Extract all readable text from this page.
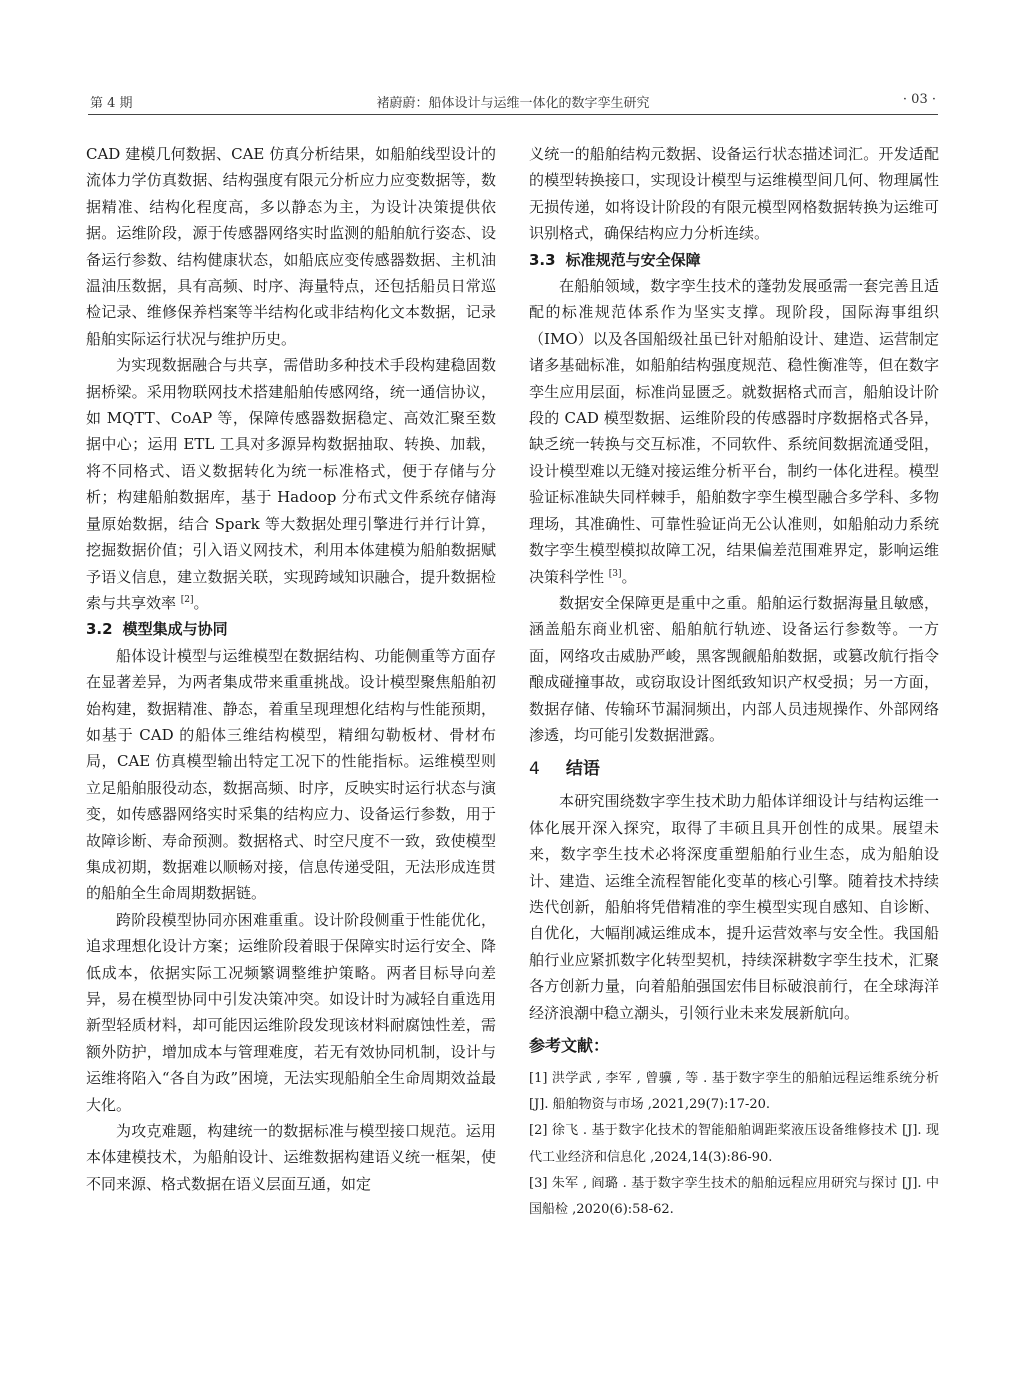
第 4 期	褚蔚蔚：船体设计与运维一体化的数字孪生研究	· 03 ·

CAD 建模几何数据、CAE 仿真分析结果，如船舶线型设计的流体力学仿真数据、结构强度有限元分析应力应变数据等，数据精准、结构化程度高，多以静态为主，为设计决策提供依据。运维阶段，源于传感器网络实时监测的船舶航行姿态、设备运行参数、结构健康状态，如船底应变传感器数据、主机油温油压数据，具有高频、时序、海量特点，还包括船员日常巡检记录、维修保养档案等半结构化或非结构化文本数据，记录船舶实际运行状况与维护历史。

为实现数据融合与共享，需借助多种技术手段构建稳固数据桥梁。采用物联网技术搭建船舶传感网络，统一通信协议，如 MQTT、CoAP 等，保障传感器数据稳定、高效汇聚至数据中心；运用 ETL 工具对多源异构数据抽取、转换、加载，将不同格式、语义数据转化为统一标准格式，便于存储与分析；构建船舶数据库，基于 Hadoop 分布式文件系统存储海量原始数据，结合 Spark 等大数据处理引擎进行并行计算，挖掘数据价值；引入语义网技术，利用本体建模为船舶数据赋予语义信息，建立数据关联，实现跨域知识融合，提升数据检索与共享效率 [2]。

3.2 模型集成与协同

船体设计模型与运维模型在数据结构、功能侧重等方面存在显著差异，为两者集成带来重重挑战。设计模型聚焦船舶初始构建，数据精准、静态，着重呈现理想化结构与性能预期，如基于 CAD 的船体三维结构模型，精细勾勒板材、骨材布局，CAE 仿真模型输出特定工况下的性能指标。运维模型则立足船舶服役动态，数据高频、时序，反映实时运行状态与演变，如传感器网络实时采集的结构应力、设备运行参数，用于故障诊断、寿命预测。数据格式、时空尺度不一致，致使模型集成初期，数据难以顺畅对接，信息传递受阻，无法形成连贯的船舶全生命周期数据链。

跨阶段模型协同亦困难重重。设计阶段侧重于性能优化，追求理想化设计方案；运维阶段着眼于保障实时运行安全、降低成本，依据实际工况频繁调整维护策略。两者目标导向差异，易在模型协同中引发决策冲突。如设计时为减轻自重选用新型轻质材料，却可能因运维阶段发现该材料耐腐蚀性差，需额外防护，增加成本与管理难度，若无有效协同机制，设计与运维将陷入“各自为政”困境，无法实现船舶全生命周期效益最大化。

为攻克难题，构建统一的数据标准与模型接口规范。运用本体建模技术，为船舶设计、运维数据构建语义统一框架，使不同来源、格式数据在语义层面互通，如定

义统一的船舶结构元数据、设备运行状态描述词汇。开发适配的模型转换接口，实现设计模型与运维模型间几何、物理属性无损传递，如将设计阶段的有限元模型网格数据转换为运维可识别格式，确保结构应力分析连续。

3.3 标准规范与安全保障

在船舶领域，数字孪生技术的蓬勃发展亟需一套完善且适配的标准规范体系作为坚实支撑。现阶段，国际海事组织（IMO）以及各国船级社虽已针对船舶设计、建造、运营制定诸多基础标准，如船舶结构强度规范、稳性衡准等，但在数字孪生应用层面，标准尚显匮乏。就数据格式而言，船舶设计阶段的 CAD 模型数据、运维阶段的传感器时序数据格式各异，缺乏统一转换与交互标准，不同软件、系统间数据流通受阻，设计模型难以无缝对接运维分析平台，制约一体化进程。模型验证标准缺失同样棘手，船舶数字孪生模型融合多学科、多物理场，其准确性、可靠性验证尚无公认准则，如船舶动力系统数字孪生模型模拟故障工况，结果偏差范围难界定，影响运维决策科学性 [3]。

数据安全保障更是重中之重。船舶运行数据海量且敏感，涵盖船东商业机密、船舶航行轨迹、设备运行参数等。一方面，网络攻击威胁严峻，黑客觊觎船舶数据，或篡改航行指令酿成碰撞事故，或窃取设计图纸致知识产权受损；另一方面，数据存储、传输环节漏洞频出，内部人员违规操作、外部网络渗透，均可能引发数据泄露。

4 结语

本研究围绕数字孪生技术助力船体详细设计与结构运维一体化展开深入探究，取得了丰硕且具开创性的成果。展望未来，数字孪生技术必将深度重塑船舶行业生态，成为船舶设计、建造、运维全流程智能化变革的核心引擎。随着技术持续迭代创新，船舶将凭借精准的孪生模型实现自感知、自诊断、自优化，大幅削减运维成本，提升运营效率与安全性。我国船舶行业应紧抓数字化转型契机，持续深耕数字孪生技术，汇聚各方创新力量，向着船舶强国宏伟目标破浪前行，在全球海洋经济浪潮中稳立潮头，引领行业未来发展新航向。

参考文献：

[1] 洪学武 , 李军 , 曾骥 , 等 . 基于数字孪生的船舶远程运维系统分析 [J]. 船舶物资与市场 ,2021,29(7):17-20.

[2] 徐飞 . 基于数字化技术的智能船舶调距桨液压设备维修技术 [J]. 现代工业经济和信息化 ,2024,14(3):86-90.

[3] 朱军 , 阎璐 . 基于数字孪生技术的船舶远程应用研究与探讨 [J]. 中国船检 ,2020(6):58-62.
